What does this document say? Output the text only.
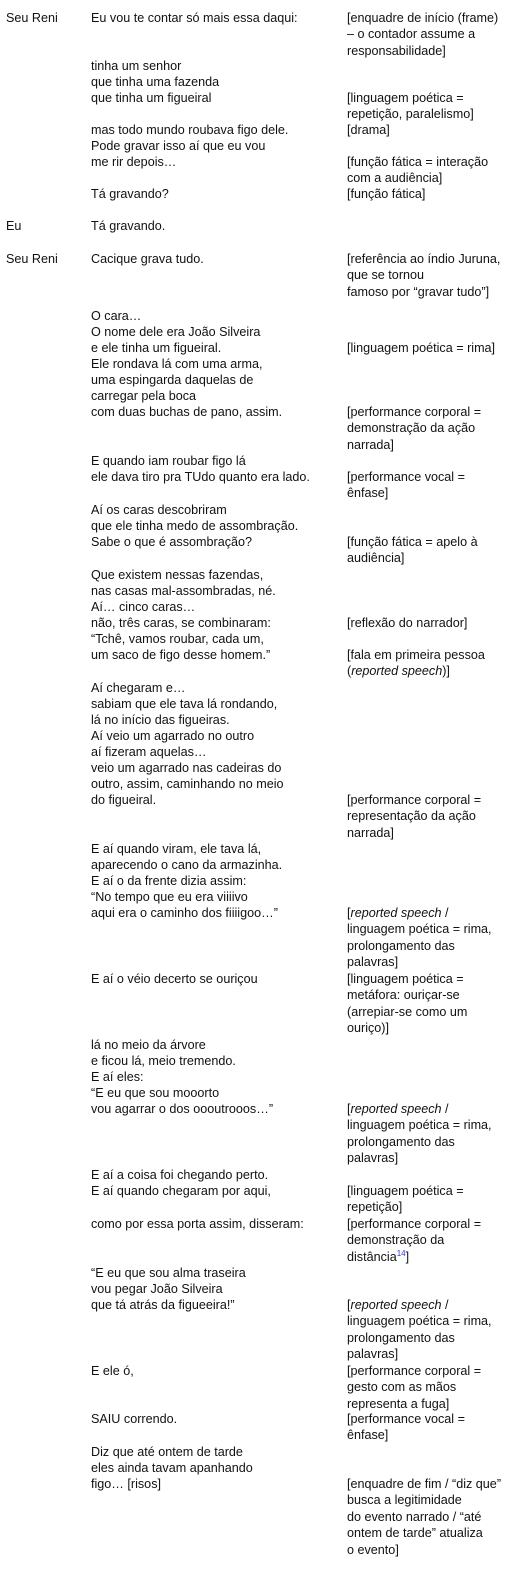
Seu Reni	Eu vou te contar só mais essa daqui:	[enquadre de início (frame)
– o contador assume a
responsabilidade]
tinha um senhor
que tinha uma fazenda
que tinha um figueiral	[linguagem poética =
repetição, paralelismo]
mas todo mundo roubava figo dele.	[drama]
Pode gravar isso aí que eu vou
me rir depois…	[função fática = interação
com a audiência]
Tá gravando?	[função fática]
Eu	Tá gravando.
Seu Reni	Cacique grava tudo.	[referência ao índio Juruna,
que se tornou
famoso por “gravar tudo”]
O cara…
O nome dele era João Silveira
e ele tinha um figueiral.	[linguagem poética = rima]
Ele rondava lá com uma arma,
uma espingarda daquelas de
carregar pela boca
com duas buchas de pano, assim.	[performance corporal =
demonstração da ação
narrada]
E quando iam roubar figo lá
ele dava tiro pra TUdo quanto era lado.	[performance vocal =
ênfase]
Aí os caras descobriram
que ele tinha medo de assombração.
Sabe o que é assombração?	[função fática = apelo à
audiência]
Que existem nessas fazendas,
nas casas mal-assombradas, né.
Aí… cinco caras…
não, três caras, se combinaram:	[reflexão do narrador]
“Tchê, vamos roubar, cada um,
um saco de figo desse homem.”	[fala em primeira pessoa
(reported speech)]
Aí chegaram e…
sabiam que ele tava lá rondando,
lá no início das figueiras.
Aí veio um agarrado no outro
aí fizeram aquelas…
veio um agarrado nas cadeiras do
outro, assim, caminhando no meio
do figueiral.	[performance corporal =
representação da ação
narrada]
E aí quando viram, ele tava lá,
aparecendo o cano da armazinha.
E aí o da frente dizia assim:
“No tempo que eu era viiiivo
aqui era o caminho dos fiiiigoo…”	[reported speech /
linguagem poética = rima,
prolongamento das
palavras]
E aí o véio decerto se ouriçou	[linguagem poética =
metáfora: ouriçar-se
(arrepiar-se como um
ouriço)]
lá no meio da árvore
e ficou lá, meio tremendo.
E aí eles:
“E eu que sou mooorto
vou agarrar o dos oooutrooos…”	[reported speech /
linguagem poética = rima,
prolongamento das
palavras]
E aí a coisa foi chegando perto.
E aí quando chegaram por aqui,	[linguagem poética =
repetição]
como por essa porta assim, disseram:	[performance corporal =
demonstração da
distância$^{14}$]
“E eu que sou alma traseira
vou pegar João Silveira
que tá atrás da figueeira!”	[reported speech /
linguagem poética = rima,
prolongamento das
palavras]
E ele ó,	[performance corporal =
gesto com as mãos
representa a fuga]
SAIU correndo.	[performance vocal =
ênfase]
Diz que até ontem de tarde
eles ainda tavam apanhando
figo… [risos]	[enquadre de fim / “diz que”
busca a legitimidade
do evento narrado / “até
ontem de tarde” atualiza
o evento]
